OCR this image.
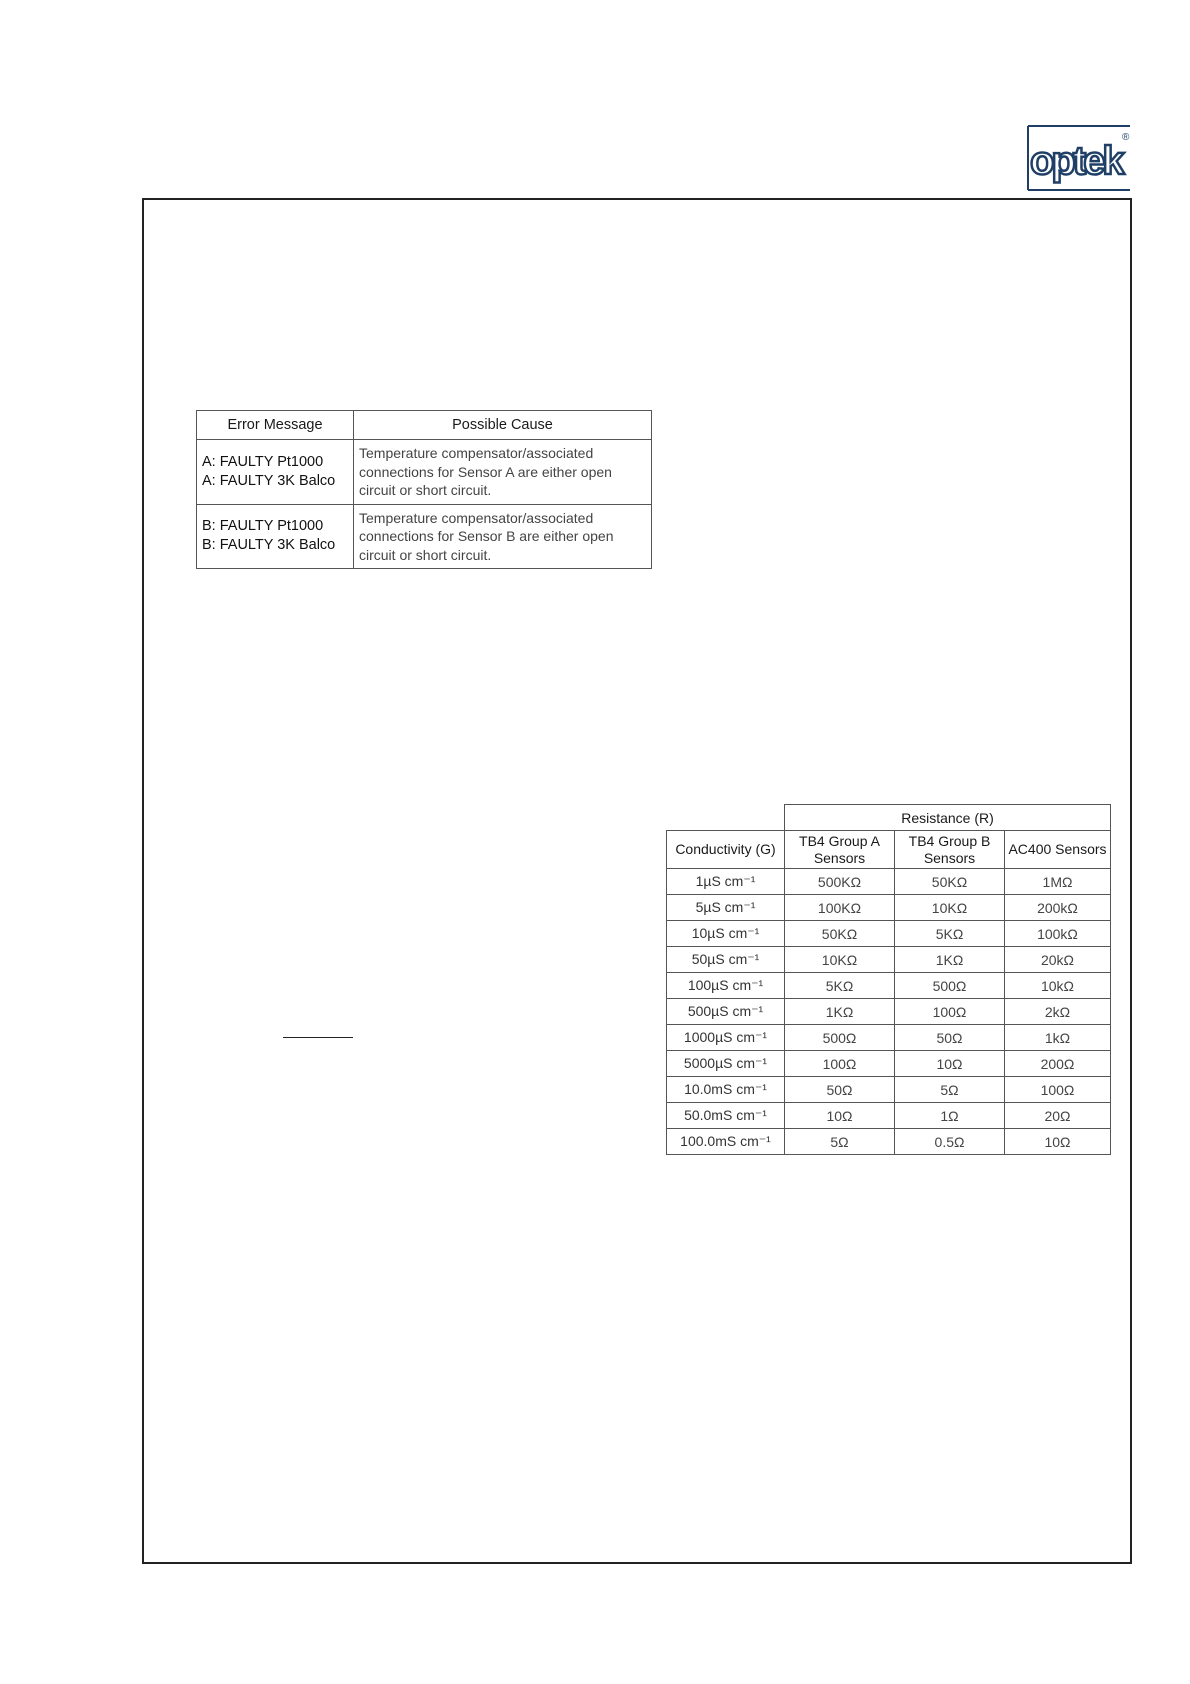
optek
®
Error Message	Possible Cause

A: FAULTY Pt1000
A: FAULTY 3K Balco	Temperature compensator/associated connections for Sensor A are either open circuit or short circuit.

B: FAULTY Pt1000
B: FAULTY 3K Balco	Temperature compensator/associated connections for Sensor B are either open circuit or short circuit.
	Resistance (R)		
Conductivity (G)	TB4 Group A Sensors	TB4 Group B Sensors	AC400 Sensors
1µS cm⁻¹	500KΩ	50KΩ	1MΩ
5µS cm⁻¹	100KΩ	10KΩ	200kΩ
10µS cm⁻¹	50KΩ	5KΩ	100kΩ
50µS cm⁻¹	10KΩ	1KΩ	20kΩ
100µS cm⁻¹	5KΩ	500Ω	10kΩ
500µS cm⁻¹	1KΩ	100Ω	2kΩ
1000µS cm⁻¹	500Ω	50Ω	1kΩ
5000µS cm⁻¹	100Ω	10Ω	200Ω
10.0mS cm⁻¹	50Ω	5Ω	100Ω
50.0mS cm⁻¹	10Ω	1Ω	20Ω
100.0mS cm⁻¹	5Ω	0.5Ω	10Ω
